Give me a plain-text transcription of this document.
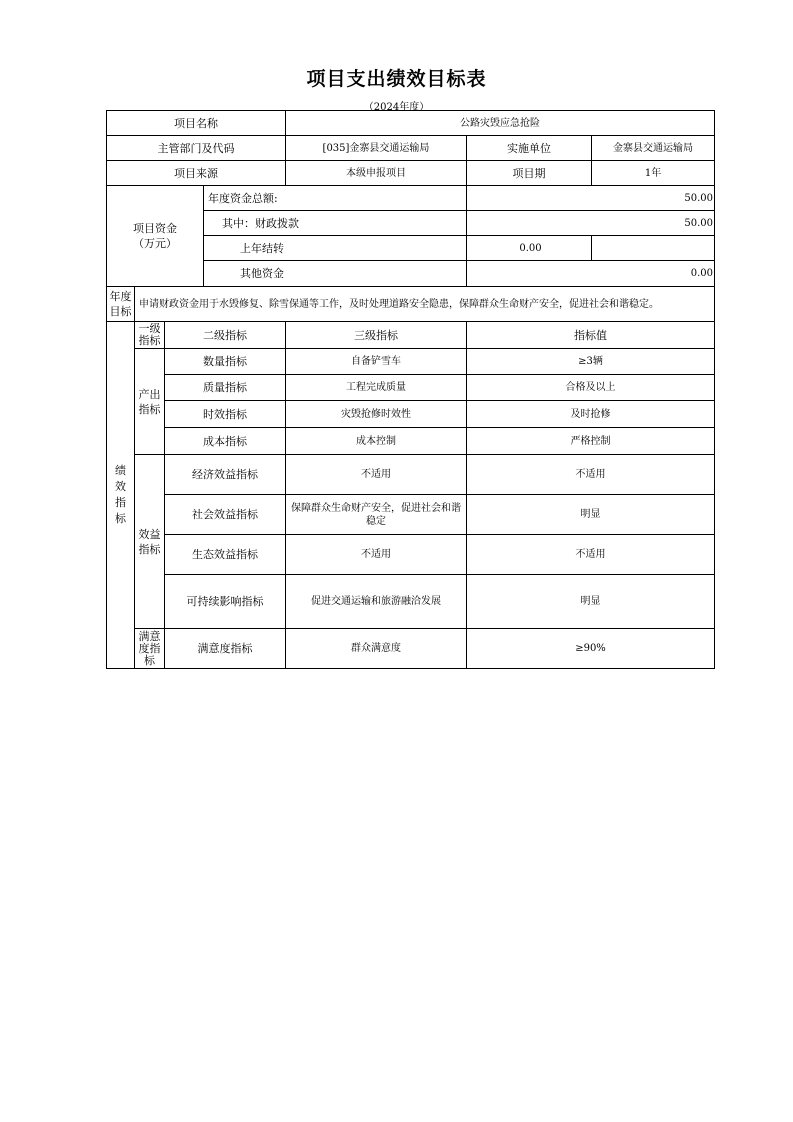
项目支出绩效目标表
（2024年度）
项目名称				公路灾毁应急抢险		
主管部门及代码				[035]金寨县交通运输局	实施单位	金寨县交通运输局
项目来源				本级申报项目	项目期	1年
项目资金
（万元）			年度资金总额:		50.00	
			其中：财政拨款		50.00	
			上年结转		0.00	
			其他资金		0.00	
年度
目标	申请财政资金用于水毁修复、除雪保通等工作，及时处理道路安全隐患，保障群众生命财产安全，促进社会和谐稳定。					
绩
效
指
标	一级
指标	二级指标		三级指标	指标值	
	产出
指标	数量指标		自备铲雪车	≥3辆	
		质量指标		工程完成质量	合格及以上	
		时效指标		灾毁抢修时效性	及时抢修	
		成本指标		成本控制	严格控制	
	效益
指标	经济效益指标		不适用	不适用	
		社会效益指标		保障群众生命财产安全，促进社会和谐稳定	明显	
		生态效益指标		不适用	不适用	
		可持续影响指标		促进交通运输和旅游融洽发展	明显	
	满意
度指
标	满意度指标		群众满意度	≥90%	
